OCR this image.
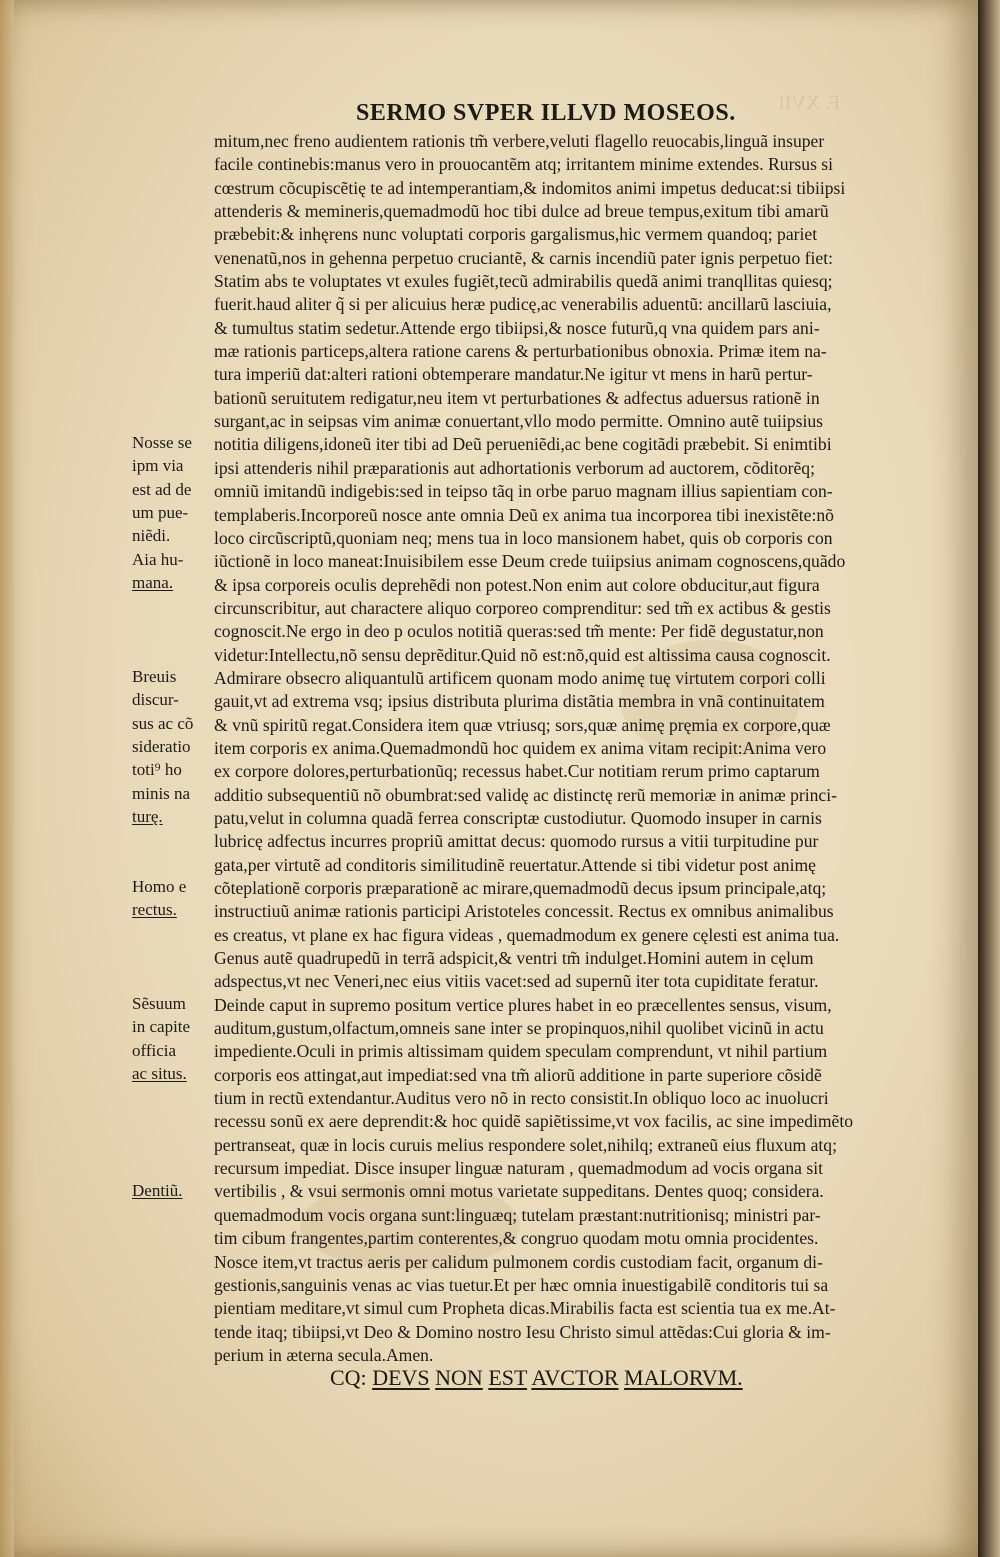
F. XVII
SERMO SVPER ILLVD MOSEOS.
mitum,nec freno audientem rationis tm̃ verbere,veluti flagello reuocabis,linguã insuper
facile continebis:manus vero in prouocantẽm atq; irritantem minime extendes. Rursus si
cœstrum cõcupiscẽtię te ad intemperantiam,& indomitos animi impetus deducat:si tibiipsi
attenderis & memineris,quemadmodũ hoc tibi dulce ad breue tempus,exitum tibi amarũ
præbebit:& inhęrens nunc voluptati corporis gargalismus,hic vermem quandoq; pariet
venenatũ,nos in gehenna perpetuo cruciantẽ, & carnis incendiũ pater ignis perpetuo fiet:
Statim abs te voluptates vt exules fugiẽt,tecũ admirabilis quedã animi tranqllitas quiesq;
fuerit.haud aliter q̃ si per alicuius heræ pudicę,ac venerabilis aduentũ: ancillarũ lasciuia,
& tumultus statim sedetur.Attende ergo tibiipsi,& nosce futurũ,q vna quidem pars ani-
mæ rationis particeps,altera ratione carens & perturbationibus obnoxia. Primæ item na-
tura imperiũ dat:alteri rationi obtemperare mandatur.Ne igitur vt mens in harũ pertur-
bationũ seruitutem redigatur,neu item vt perturbationes & adfectus aduersus rationẽ in
surgant,ac in seipsas vim animæ conuertant,vllo modo permitte. Omnino autẽ tuiipsius
notitia diligens,idoneũ iter tibi ad Deũ perueniẽdi,ac bene cogitãdi præbebit. Si enimtibi
ipsi attenderis nihil præparationis aut adhortationis verborum ad auctorem, cõditorẽq;
omniũ imitandũ indigebis:sed in teipso tãq in orbe paruo magnam illius sapientiam con-
templaberis.Incorporeũ nosce ante omnia Deũ ex anima tua incorporea tibi inexistẽte:nõ
loco circũscriptũ,quoniam neq; mens tua in loco mansionem habet, quis ob corporis con
iũctionẽ in loco maneat:Inuisibilem esse Deum crede tuiipsius animam cognoscens,quãdo
& ipsa corporeis oculis deprehẽdi non potest.Non enim aut colore obducitur,aut figura
circunscribitur, aut charactere aliquo corporeo comprenditur: sed tm̃ ex actibus & gestis
cognoscit.Ne ergo in deo p oculos notitiã queras:sed tm̃ mente: Per fidẽ degustatur,non
videtur:Intellectu,nõ sensu deprẽditur.Quid nõ est:nõ,quid est altissima causa cognoscit.
Admirare obsecro aliquantulũ artificem quonam modo animę tuę virtutem corpori colli
gauit,vt ad extrema vsq; ipsius distributa plurima distãtia membra in vnã continuitatem
& vnũ spiritũ regat.Considera item quæ vtriusq; sors,quæ animę pręmia ex corpore,quæ
item corporis ex anima.Quemadmondũ hoc quidem ex anima vitam recipit:Anima vero
ex corpore dolores,perturbationũq; recessus habet.Cur notitiam rerum primo captarum
additio subsequentiũ nõ obumbrat:sed validę ac distinctę rerũ memoriæ in animæ princi-
patu,velut in columna quadã ferrea conscriptæ custodiutur. Quomodo insuper in carnis
lubricę adfectus incurres propriũ amittat decus: quomodo rursus a vitii turpitudine pur
gata,per virtutẽ ad conditoris similitudinẽ reuertatur.Attende si tibi videtur post animę
cõteplationẽ corporis præparationẽ ac mirare,quemadmodũ decus ipsum principale,atq;
instructiuũ animæ rationis participi Aristoteles concessit. Rectus ex omnibus animalibus
es creatus, vt plane ex hac figura videas , quemadmodum ex genere cęlesti est anima tua.
Genus autẽ quadrupedũ in terrã adspicit,& ventri tm̃ indulget.Homini autem in cęlum
adspectus,vt nec Veneri,nec eius vitiis vacet:sed ad supernũ iter tota cupiditate feratur.
Deinde caput in supremo positum vertice plures habet in eo præcellentes sensus, visum,
auditum,gustum,olfactum,omneis sane inter se propinquos,nihil quolibet vicinũ in actu
impediente.Oculi in primis altissimam quidem speculam comprendunt, vt nihil partium
corporis eos attingat,aut impediat:sed vna tm̃ aliorũ additione in parte superiore cõsidẽ
tium in rectũ extendantur.Auditus vero nõ in recto consistit.In obliquo loco ac inuolucri
recessu sonũ ex aere deprendit:& hoc quidẽ sapiẽtissime,vt vox facilis, ac sine impedimẽto
pertranseat, quæ in locis curuis melius respondere solet,nihilq; extraneũ eius fluxum atq;
recursum impediat. Disce insuper linguæ naturam , quemadmodum ad vocis organa sit
vertibilis , & vsui sermonis omni motus varietate suppeditans. Dentes quoq; considera.
quemadmodum vocis organa sunt:linguæq; tutelam præstant:nutritionisq; ministri par-
tim cibum frangentes,partim conterentes,& congruo quodam motu omnia procidentes.
Nosce item,vt tractus aeris per calidum pulmonem cordis custodiam facit, organum di-
gestionis,sanguinis venas ac vias tuetur.Et per hæc omnia inuestigabilẽ conditoris tui sa
pientiam meditare,vt simul cum Propheta dicas.Mirabilis facta est scientia tua ex me.At-
tende itaq; tibiipsi,vt Deo & Domino nostro Iesu Christo simul attẽdas:Cui gloria & im-
perium in æterna secula.Amen.
Nosse se
ipm via
est ad de
um pue-
niẽdi.
Aia hu-
mana.
Breuis
discur-
sus ac cõ
sideratio
toti⁹ ho
minis na
turę.
Homo e
rectus.
Sẽsuum
in capite
officia
ac situs.
Dentiũ.
CQ: DEVS NON EST AVCTOR MALORVM.
